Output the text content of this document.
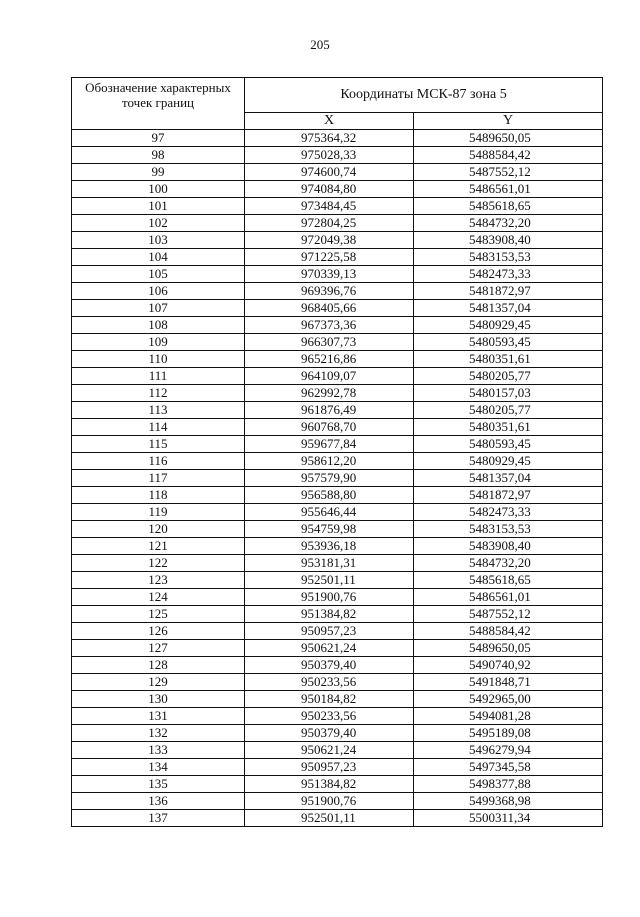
205
Обозначение характерных точек границ	Координаты МСК-87 зона 5	
	X	Y
97	975364,32	5489650,05
98	975028,33	5488584,42
99	974600,74	5487552,12
100	974084,80	5486561,01
101	973484,45	5485618,65
102	972804,25	5484732,20
103	972049,38	5483908,40
104	971225,58	5483153,53
105	970339,13	5482473,33
106	969396,76	5481872,97
107	968405,66	5481357,04
108	967373,36	5480929,45
109	966307,73	5480593,45
110	965216,86	5480351,61
111	964109,07	5480205,77
112	962992,78	5480157,03
113	961876,49	5480205,77
114	960768,70	5480351,61
115	959677,84	5480593,45
116	958612,20	5480929,45
117	957579,90	5481357,04
118	956588,80	5481872,97
119	955646,44	5482473,33
120	954759,98	5483153,53
121	953936,18	5483908,40
122	953181,31	5484732,20
123	952501,11	5485618,65
124	951900,76	5486561,01
125	951384,82	5487552,12
126	950957,23	5488584,42
127	950621,24	5489650,05
128	950379,40	5490740,92
129	950233,56	5491848,71
130	950184,82	5492965,00
131	950233,56	5494081,28
132	950379,40	5495189,08
133	950621,24	5496279,94
134	950957,23	5497345,58
135	951384,82	5498377,88
136	951900,76	5499368,98
137	952501,11	5500311,34
